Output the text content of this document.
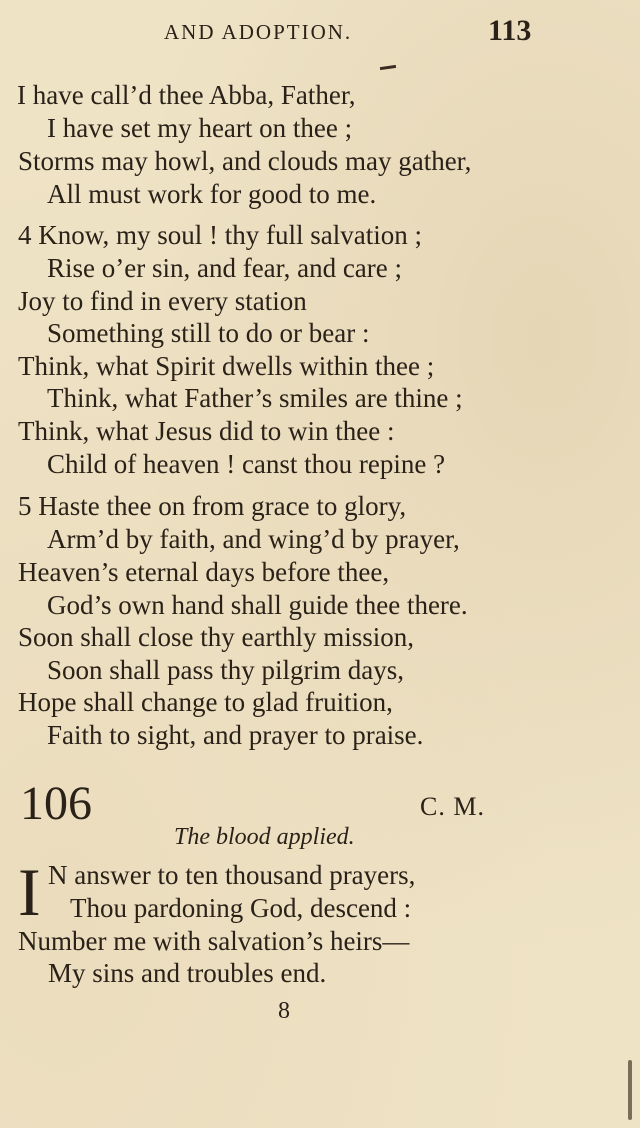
AND ADOPTION.	113
I have call’d thee Abba, Father,
I have set my heart on thee ;
Storms may howl, and clouds may gather,
All must work for good to me.
4 Know, my soul ! thy full salvation ;
Rise o’er sin, and fear, and care ;
Joy to find in every station
Something still to do or bear :
Think, what Spirit dwells within thee ;
Think, what Father’s smiles are thine ;
Think, what Jesus did to win thee :
Child of heaven ! canst thou repine ?
5 Haste thee on from grace to glory,
Arm’d by faith, and wing’d by prayer,
Heaven’s eternal days before thee,
God’s own hand shall guide thee there.
Soon shall close thy earthly mission,
Soon shall pass thy pilgrim days,
Hope shall change to glad fruition,
Faith to sight, and prayer to praise.
106	C. M.
The blood applied.
I N answer to ten thousand prayers,
Thou pardoning God, descend :
Number me with salvation’s heirs—
My sins and troubles end.
8
